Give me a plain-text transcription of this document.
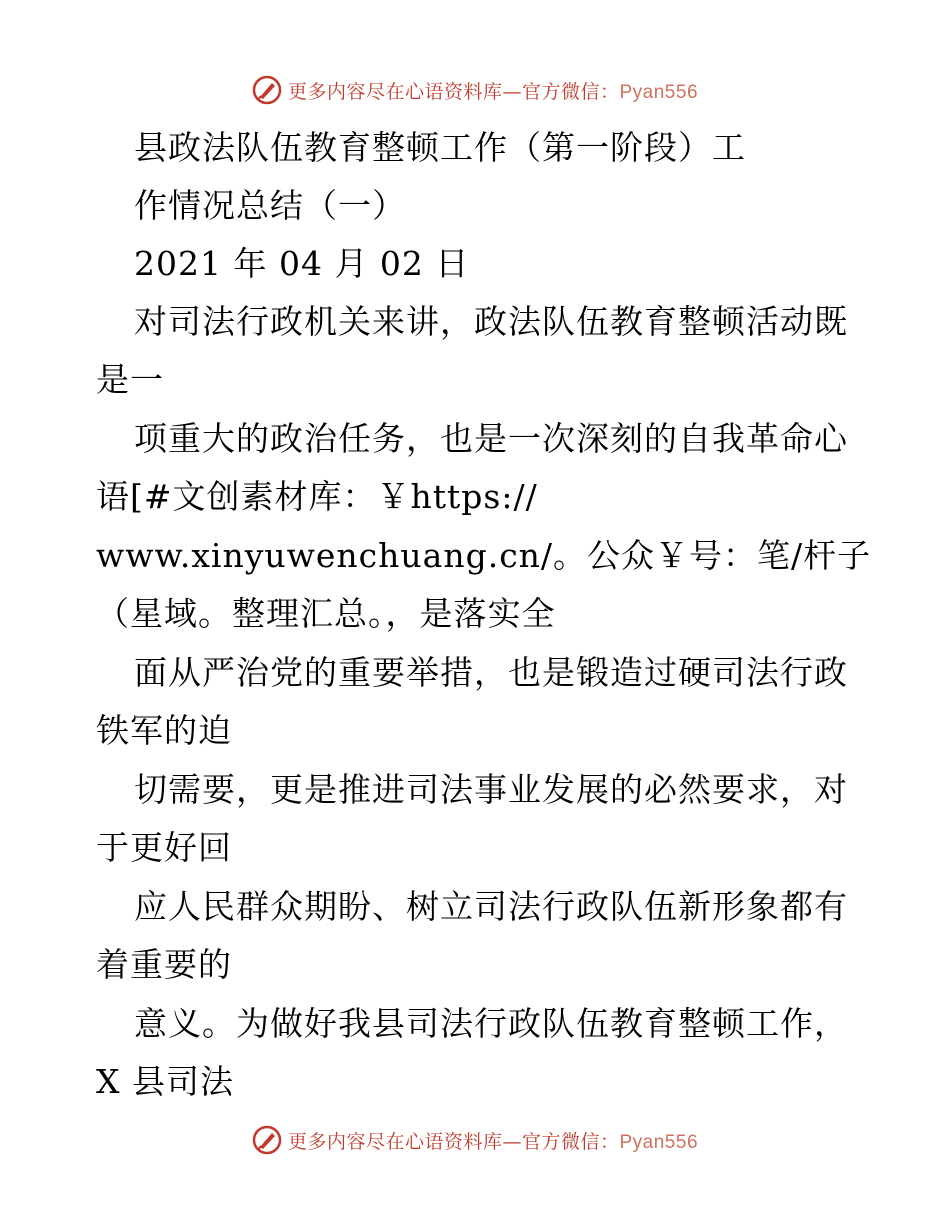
更多内容尽在心语资料库—官方微信：Pyan556
县政法队伍教育整顿工作（第一阶段）工
作情况总结（一）
2021 年 04 月 02 日
对司法行政机关来讲，政法队伍教育整顿活动既
是一
项重大的政治任务，也是一次深刻的自我革命心
语[#文创素材库：￥https://
www.xinyuwenchuang.cn/。公众￥号：笔/杆子
（星域。整理汇总。，是落实全
面从严治党的重要举措，也是锻造过硬司法行政
铁军的迫
切需要，更是推进司法事业发展的必然要求，对
于更好回
应人民群众期盼、树立司法行政队伍新形象都有
着重要的
意义。为做好我县司法行政队伍教育整顿工作，
X 县司法
更多内容尽在心语资料库—官方微信：Pyan556
